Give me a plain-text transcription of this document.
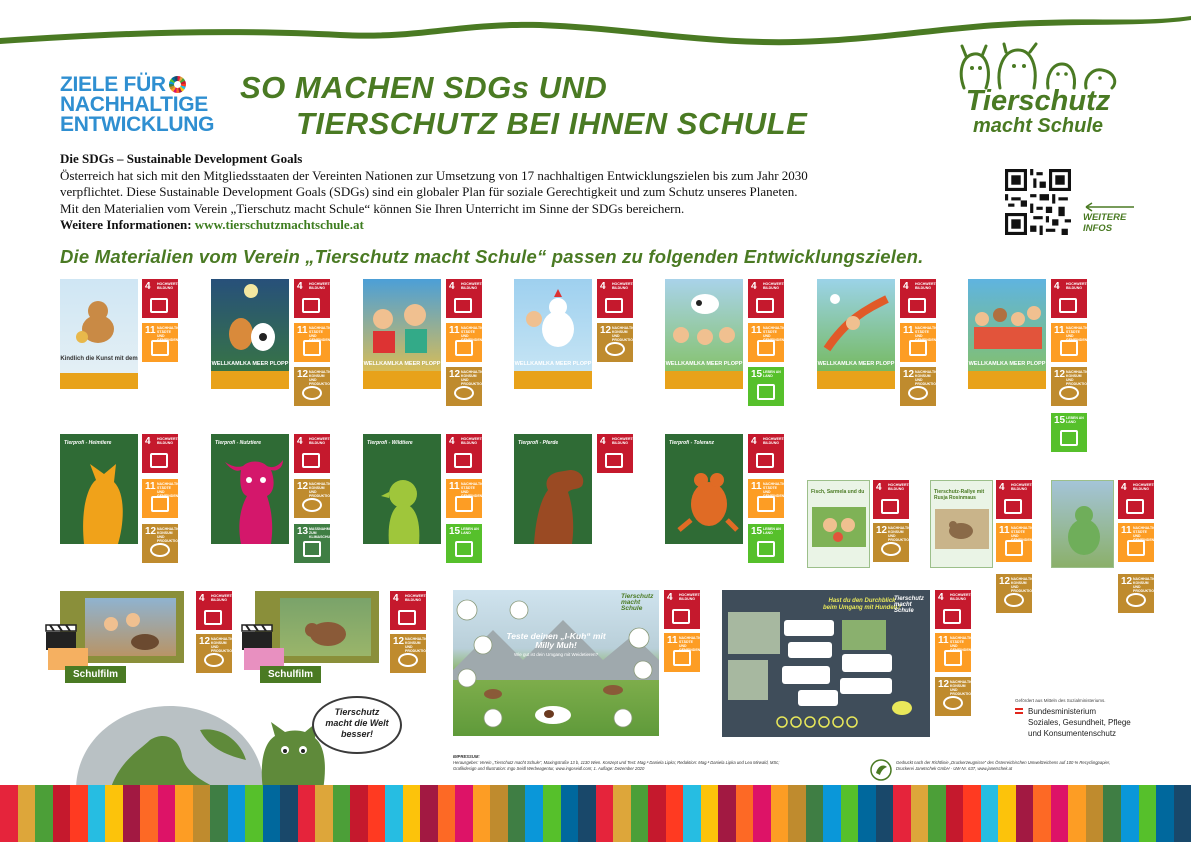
ZIELE FÜR
NACHHALTIGE
ENTWICKLUNG
SO MACHEN SDGs UND
TIERSCHUTZ BEI IHNEN SCHULE
Tierschutz
macht Schule
Die SDGs – Sustainable Development Goals
Österreich hat sich mit den Mitgliedsstaaten der Vereinten Nationen zur Umsetzung von 17 nachhaltigen Entwicklungszielen bis zum Jahr 2030
verpflichtet. Diese Sustainable Development Goals (SDGs) sind ein globaler Plan für soziale Gerechtigkeit und zum Schutz unseres Planeten.
Mit den Materialien vom Verein „Tierschutz macht Schule“ können Sie Ihren Unterricht im Sinne der SDGs bereichern.
Weitere Informationen: www.tierschutzmachtschule.at	WEITERE
INFOS
Die Materialien vom Verein „Tierschutz macht Schule“ passen zu folgenden Entwicklungszielen.
Kindlich die Kunst mit dem
WELLKAMLKA MEER PLOPP	WELLKAMLKA MEER PLOPP	WELLKAMLKA MEER PLOPP	WELLKAMLKA MEER PLOPP	WELLKAMLKA MEER PLOPP	WELLKAMLKA MEER PLOPP
4 HOCHWERTIGE BILDUNG
11 NACHHALTIGE STÄDTE UND GEMEINDEN
4 HOCHWERTIGE BILDUNG
11 NACHHALTIGE STÄDTE UND GEMEINDEN
12 NACHHALTIGE/R KONSUM UND PRODUKTION
4 HOCHWERTIGE BILDUNG
11 NACHHALTIGE STÄDTE UND GEMEINDEN
12 NACHHALTIGE/R KONSUM UND PRODUKTION
4 HOCHWERTIGE BILDUNG
12 NACHHALTIGE/R KONSUM UND PRODUKTION
4 HOCHWERTIGE BILDUNG
11 NACHHALTIGE STÄDTE UND GEMEINDEN
15 LEBEN AN LAND
4 HOCHWERTIGE BILDUNG
11 NACHHALTIGE STÄDTE UND GEMEINDEN
12 NACHHALTIGE/R KONSUM UND PRODUKTION
4 HOCHWERTIGE BILDUNG
11 NACHHALTIGE STÄDTE UND GEMEINDEN
12 NACHHALTIGE/R KONSUM UND PRODUKTION
15 LEBEN AN LAND
Tierprofi - Heimtiere	Tierprofi - Nutztiere	Tierprofi - Wildtiere	Tierprofi - Pferde	Tierprofi - Toleranz
4 HOCHWERTIGE BILDUNG
11 NACHHALTIGE STÄDTE UND GEMEINDEN
12 NACHHALTIGE/R KONSUM UND PRODUKTION
4 HOCHWERTIGE BILDUNG
12 NACHHALTIGE/R KONSUM UND PRODUKTION
13 MASSNAHMEN ZUM KLIMASCHUTZ
4 HOCHWERTIGE BILDUNG
11 NACHHALTIGE STÄDTE UND GEMEINDEN
15 LEBEN AN LAND
4 HOCHWERTIGE BILDUNG	4 HOCHWERTIGE BILDUNG
11 NACHHALTIGE STÄDTE UND GEMEINDEN
15 LEBEN AN LAND
Fisch, Sarmela und du 4 HOCHWERTIGE BILDUNG
12 NACHHALTIGE/R KONSUM UND PRODUKTION
Tierschutz-Rallye mit Rusja Rosinmaus
4 HOCHWERTIGE BILDUNG
11 NACHHALTIGE STÄDTE UND GEMEINDEN
12 NACHHALTIGE/R KONSUM UND PRODUKTION
4 HOCHWERTIGE BILDUNG
11 NACHHALTIGE STÄDTE UND GEMEINDEN
12 NACHHALTIGE/R KONSUM UND PRODUKTION
Schulfilm
4 HOCHWERTIGE BILDUNG
12 NACHHALTIGE/R KONSUM UND PRODUKTION
Schulfilm
4 HOCHWERTIGE BILDUNG
12 NACHHALTIGE/R KONSUM UND PRODUKTION
Teste deinen „I-Kuh“ mit Milly Muh!
Wie gut ist dein Umgang mit Weidetieren?
Tierschutz
macht Schule
4 HOCHWERTIGE BILDUNG
11 NACHHALTIGE STÄDTE UND GEMEINDEN
Hast du den Durchblick beim Umgang mit Hunden?
Tierschutz
macht Schule
4 HOCHWERTIGE BILDUNG
11 NACHHALTIGE STÄDTE UND GEMEINDEN
12 NACHHALTIGE/R KONSUM UND PRODUKTION
Gefördert aus Mitteln des Sozialministeriums.
Bundesministerium
Soziales, Gesundheit, Pflege
und Konsumentenschutz
Tierschutz
macht die Welt
besser!
IMPRESSUM:
Herausgeber: Verein „Tierschutz macht Schule“, Maxingstraße 13 b, 1130 Wien. Konzept und Text: Mag.ª Daniela Lipka; Redaktion: Mag.ª Daniela Lipka und Lea Mirwald, MSc;
Grafikdesign und Illustration: Ingo Seidl Werbeagentur, www.ingoseidl.com; 1. Auflage: Dezember 2020
Gedruckt nach der Richtlinie „Druckerzeugnisse“ des Österreichischen Umweltzeichens auf 100 % Recyclingpapier,
Druckerei Janetschek GmbH · UW-Nr. 637, www.janetschek.at
